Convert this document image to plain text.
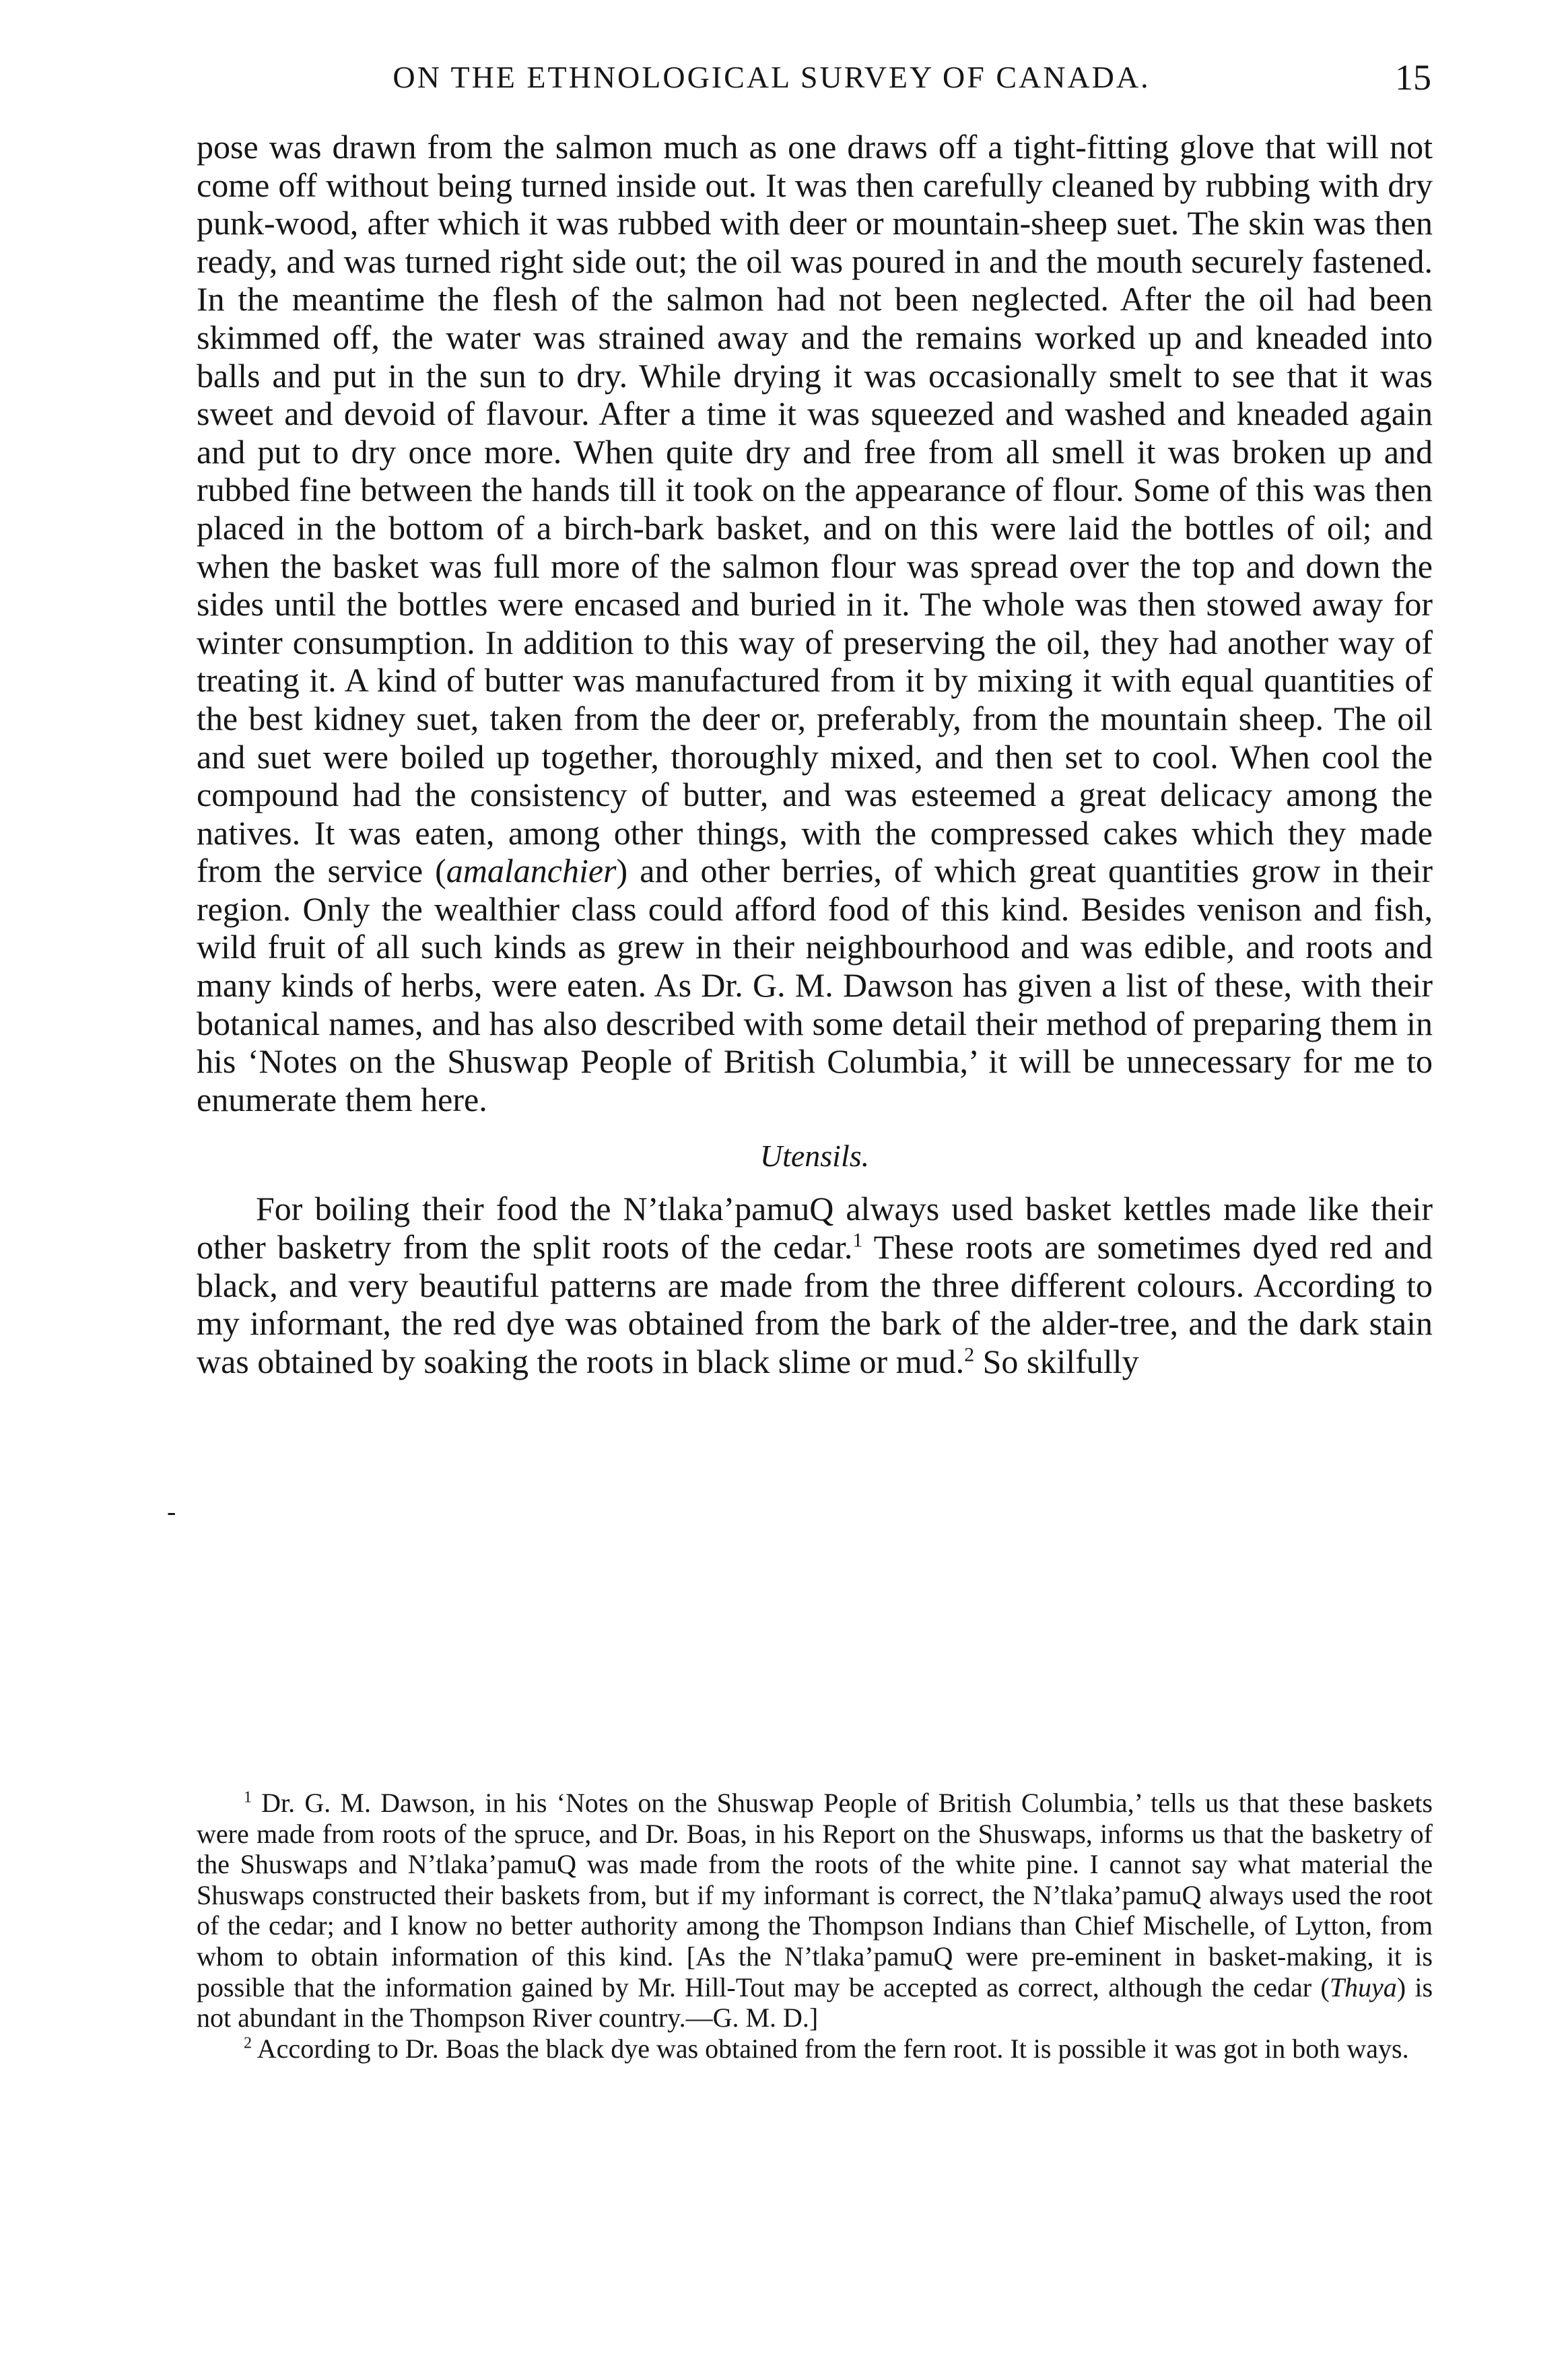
ON THE ETHNOLOGICAL SURVEY OF CANADA.	15

pose was drawn from the salmon much as one draws off a tight-fitting glove that will not come off without being turned inside out. It was then carefully cleaned by rubbing with dry punk-wood, after which it was rubbed with deer or mountain-sheep suet. The skin was then ready, and was turned right side out; the oil was poured in and the mouth securely fastened. In the meantime the flesh of the salmon had not been neglected. After the oil had been skimmed off, the water was strained away and the remains worked up and kneaded into balls and put in the sun to dry. While drying it was occasionally smelt to see that it was sweet and devoid of flavour. After a time it was squeezed and washed and kneaded again and put to dry once more. When quite dry and free from all smell it was broken up and rubbed fine between the hands till it took on the appearance of flour. Some of this was then placed in the bottom of a birch-bark basket, and on this were laid the bottles of oil; and when the basket was full more of the salmon flour was spread over the top and down the sides until the bottles were encased and buried in it. The whole was then stowed away for winter consumption. In addition to this way of preserving the oil, they had another way of treating it. A kind of butter was manufactured from it by mixing it with equal quantities of the best kidney suet, taken from the deer or, preferably, from the mountain sheep. The oil and suet were boiled up together, thoroughly mixed, and then set to cool. When cool the compound had the consistency of butter, and was esteemed a great delicacy among the natives. It was eaten, among other things, with the compressed cakes which they made from the service (amalanchier) and other berries, of which great quantities grow in their region. Only the wealthier class could afford food of this kind. Besides venison and fish, wild fruit of all such kinds as grew in their neighbourhood and was edible, and roots and many kinds of herbs, were eaten. As Dr. G. M. Dawson has given a list of these, with their botanical names, and has also described with some detail their method of preparing them in his ‘Notes on the Shuswap People of British Columbia,’ it will be unnecessary for me to enumerate them here.

Utensils.

For boiling their food the N’tlaka’pamuQ always used basket kettles made like their other basketry from the split roots of the cedar.$^1$ These roots are sometimes dyed red and black, and very beautiful patterns are made from the three different colours. According to my informant, the red dye was obtained from the bark of the alder-tree, and the dark stain was obtained by soaking the roots in black slime or mud.$^2$ So skilfully

-

$^1$ Dr. G. M. Dawson, in his ‘Notes on the Shuswap People of British Columbia,’ tells us that these baskets were made from roots of the spruce, and Dr. Boas, in his Report on the Shuswaps, informs us that the basketry of the Shuswaps and N’tlaka’pamuQ was made from the roots of the white pine. I cannot say what material the Shuswaps constructed their baskets from, but if my informant is correct, the N’tlaka’pamuQ always used the root of the cedar; and I know no better authority among the Thompson Indians than Chief Mischelle, of Lytton, from whom to obtain information of this kind. [As the N’tlaka’pamuQ were pre-eminent in basket-making, it is possible that the information gained by Mr. Hill-Tout may be accepted as correct, although the cedar (Thuya) is not abundant in the Thompson River country.—G. M. D.]

$^2$ According to Dr. Boas the black dye was obtained from the fern root. It is possible it was got in both ways.
